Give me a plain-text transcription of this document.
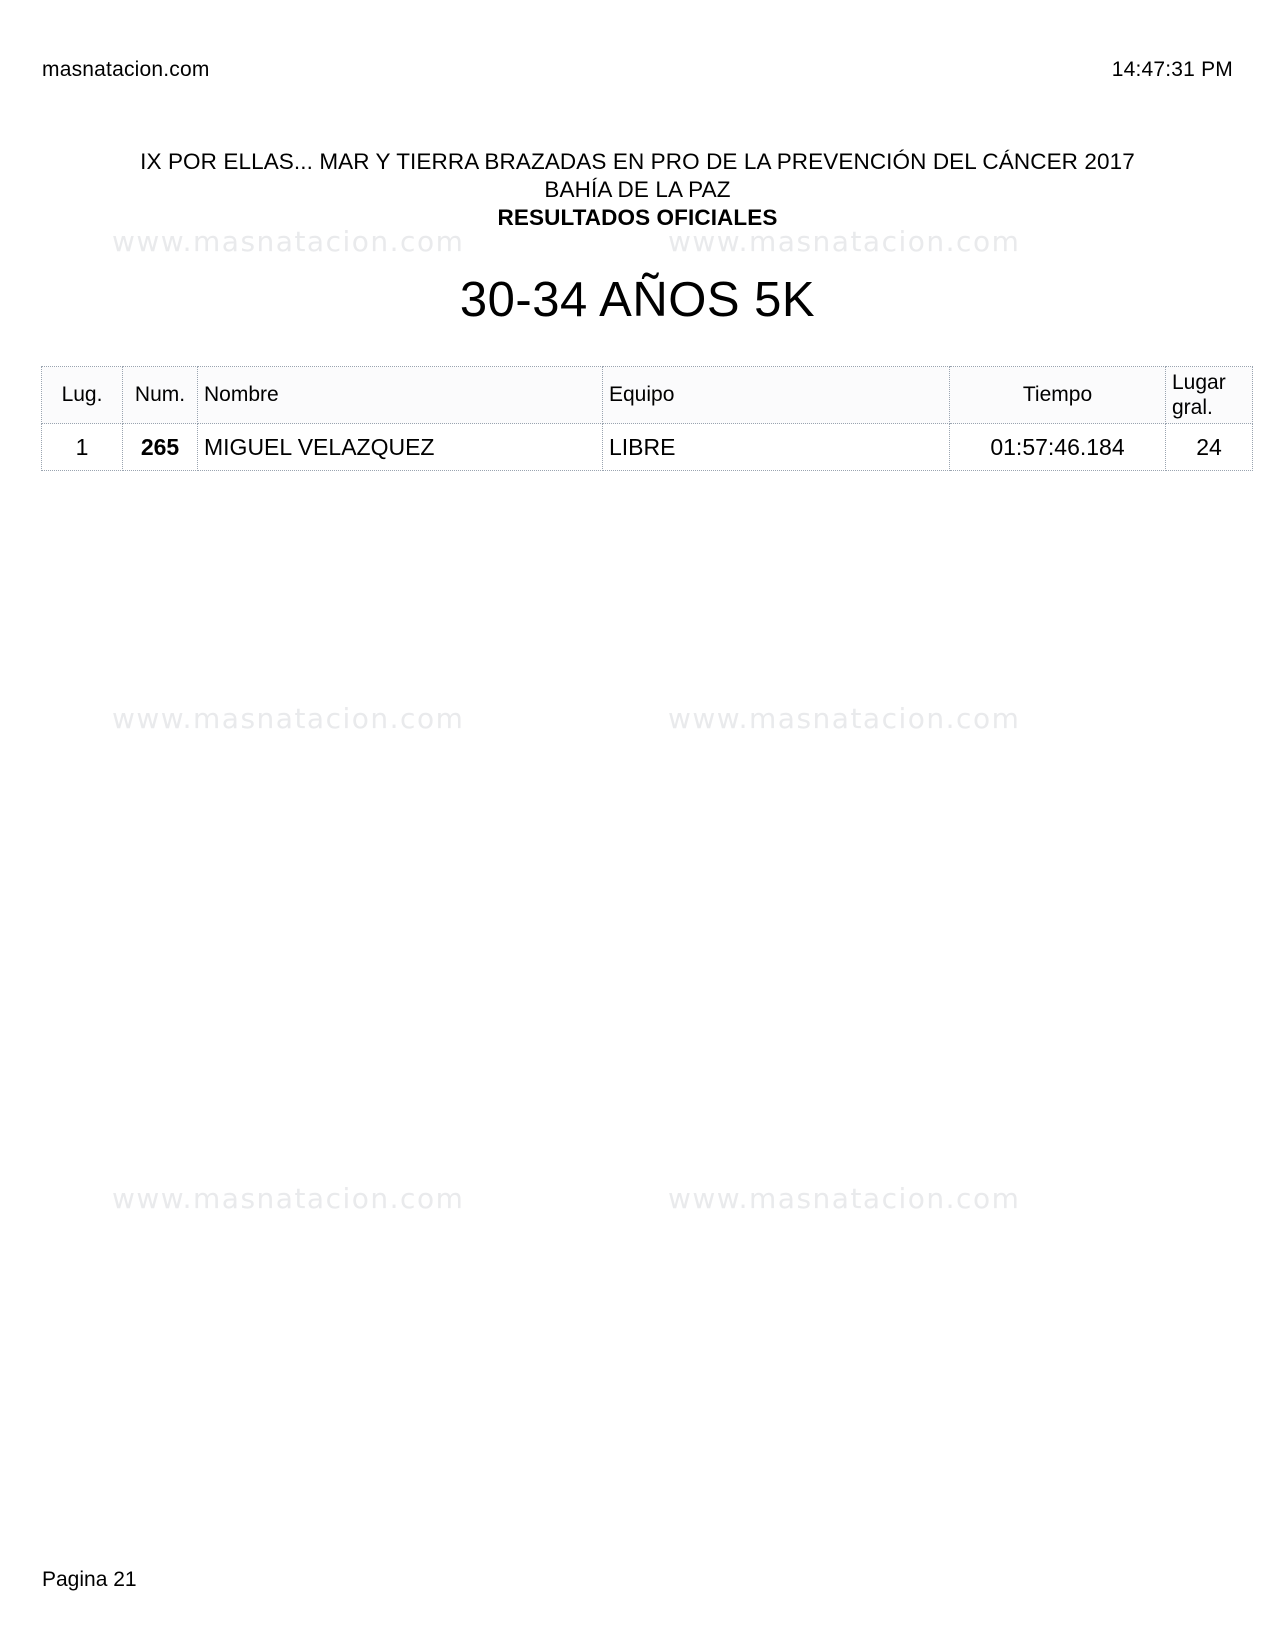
www.masnatacion.com	www.masnatacion.com
www.masnatacion.com	www.masnatacion.com
www.masnatacion.com	www.masnatacion.com
masnatacion.com	14:47:31 PM
IX POR ELLAS... MAR Y TIERRA BRAZADAS EN PRO DE LA PREVENCIÓN DEL CÁNCER 2017
BAHÍA DE LA PAZ
RESULTADOS OFICIALES
30-34 AÑOS 5K
Lug.	Num.	Nombre	Equipo	Tiempo	Lugar
gral.

1	265	MIGUEL VELAZQUEZ	LIBRE	01:57:46.184	24
Pagina 21
